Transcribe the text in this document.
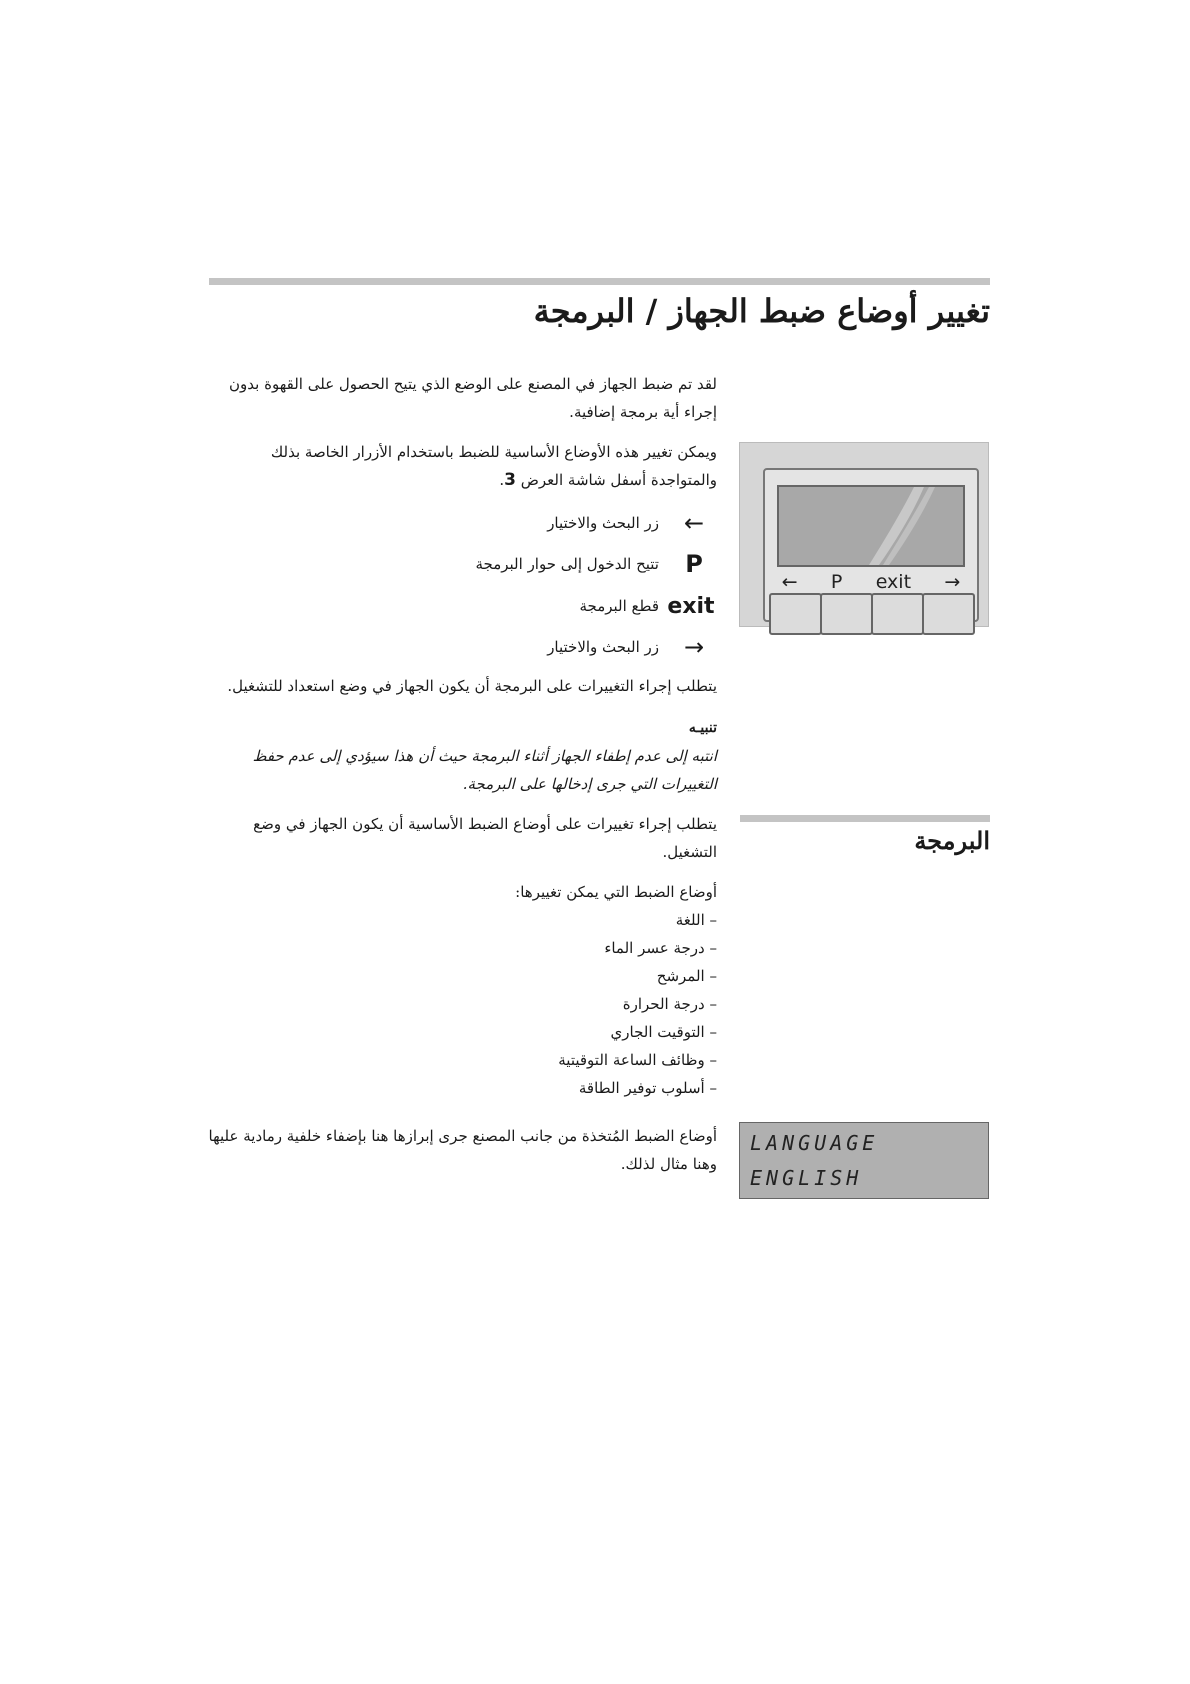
تغيير أوضاع ضبط الجهاز / البرمجة

لقد تم ضبط الجهاز في المصنع على الوضع الذي يتيح الحصول على القهوة بدون إجراء أية برمجة إضافية.

ويمكن تغيير هذه الأوضاع الأساسية للضبط باستخدام الأزرار الخاصة بذلك والمتواجدة أسفل شاشة العرض 3.

←
زر البحث والاختيار
P
تتيح الدخول إلى حوار البرمجة
exit
قطع البرمجة
→
زر البحث والاختيار

يتطلب إجراء التغييرات على البرمجة أن يكون الجهاز في وضع استعداد للتشغيل.

تنبيـه

انتبه إلى عدم إطفاء الجهاز أثناء البرمجة حيث أن هذا سيؤدي إلى عدم حفظ التغييرات التي جرى إدخالها على البرمجة.

البرمجة

يتطلب إجراء تغييرات على أوضاع الضبط الأساسية أن يكون الجهاز في وضع التشغيل.

أوضاع الضبط التي يمكن تغييرها:

– اللغة

– درجة عسر الماء

– المرشح

– درجة الحرارة

– التوقيت الجاري

– وظائف الساعة التوقيتية

– أسلوب توفير الطاقة

أوضاع الضبط المُتخذة من جانب المصنع جرى إبرازها هنا بإضفاء خلفية رمادية عليها وهنا مثال لذلك.

← P exit →
LANGUAGE
ENGLISH
